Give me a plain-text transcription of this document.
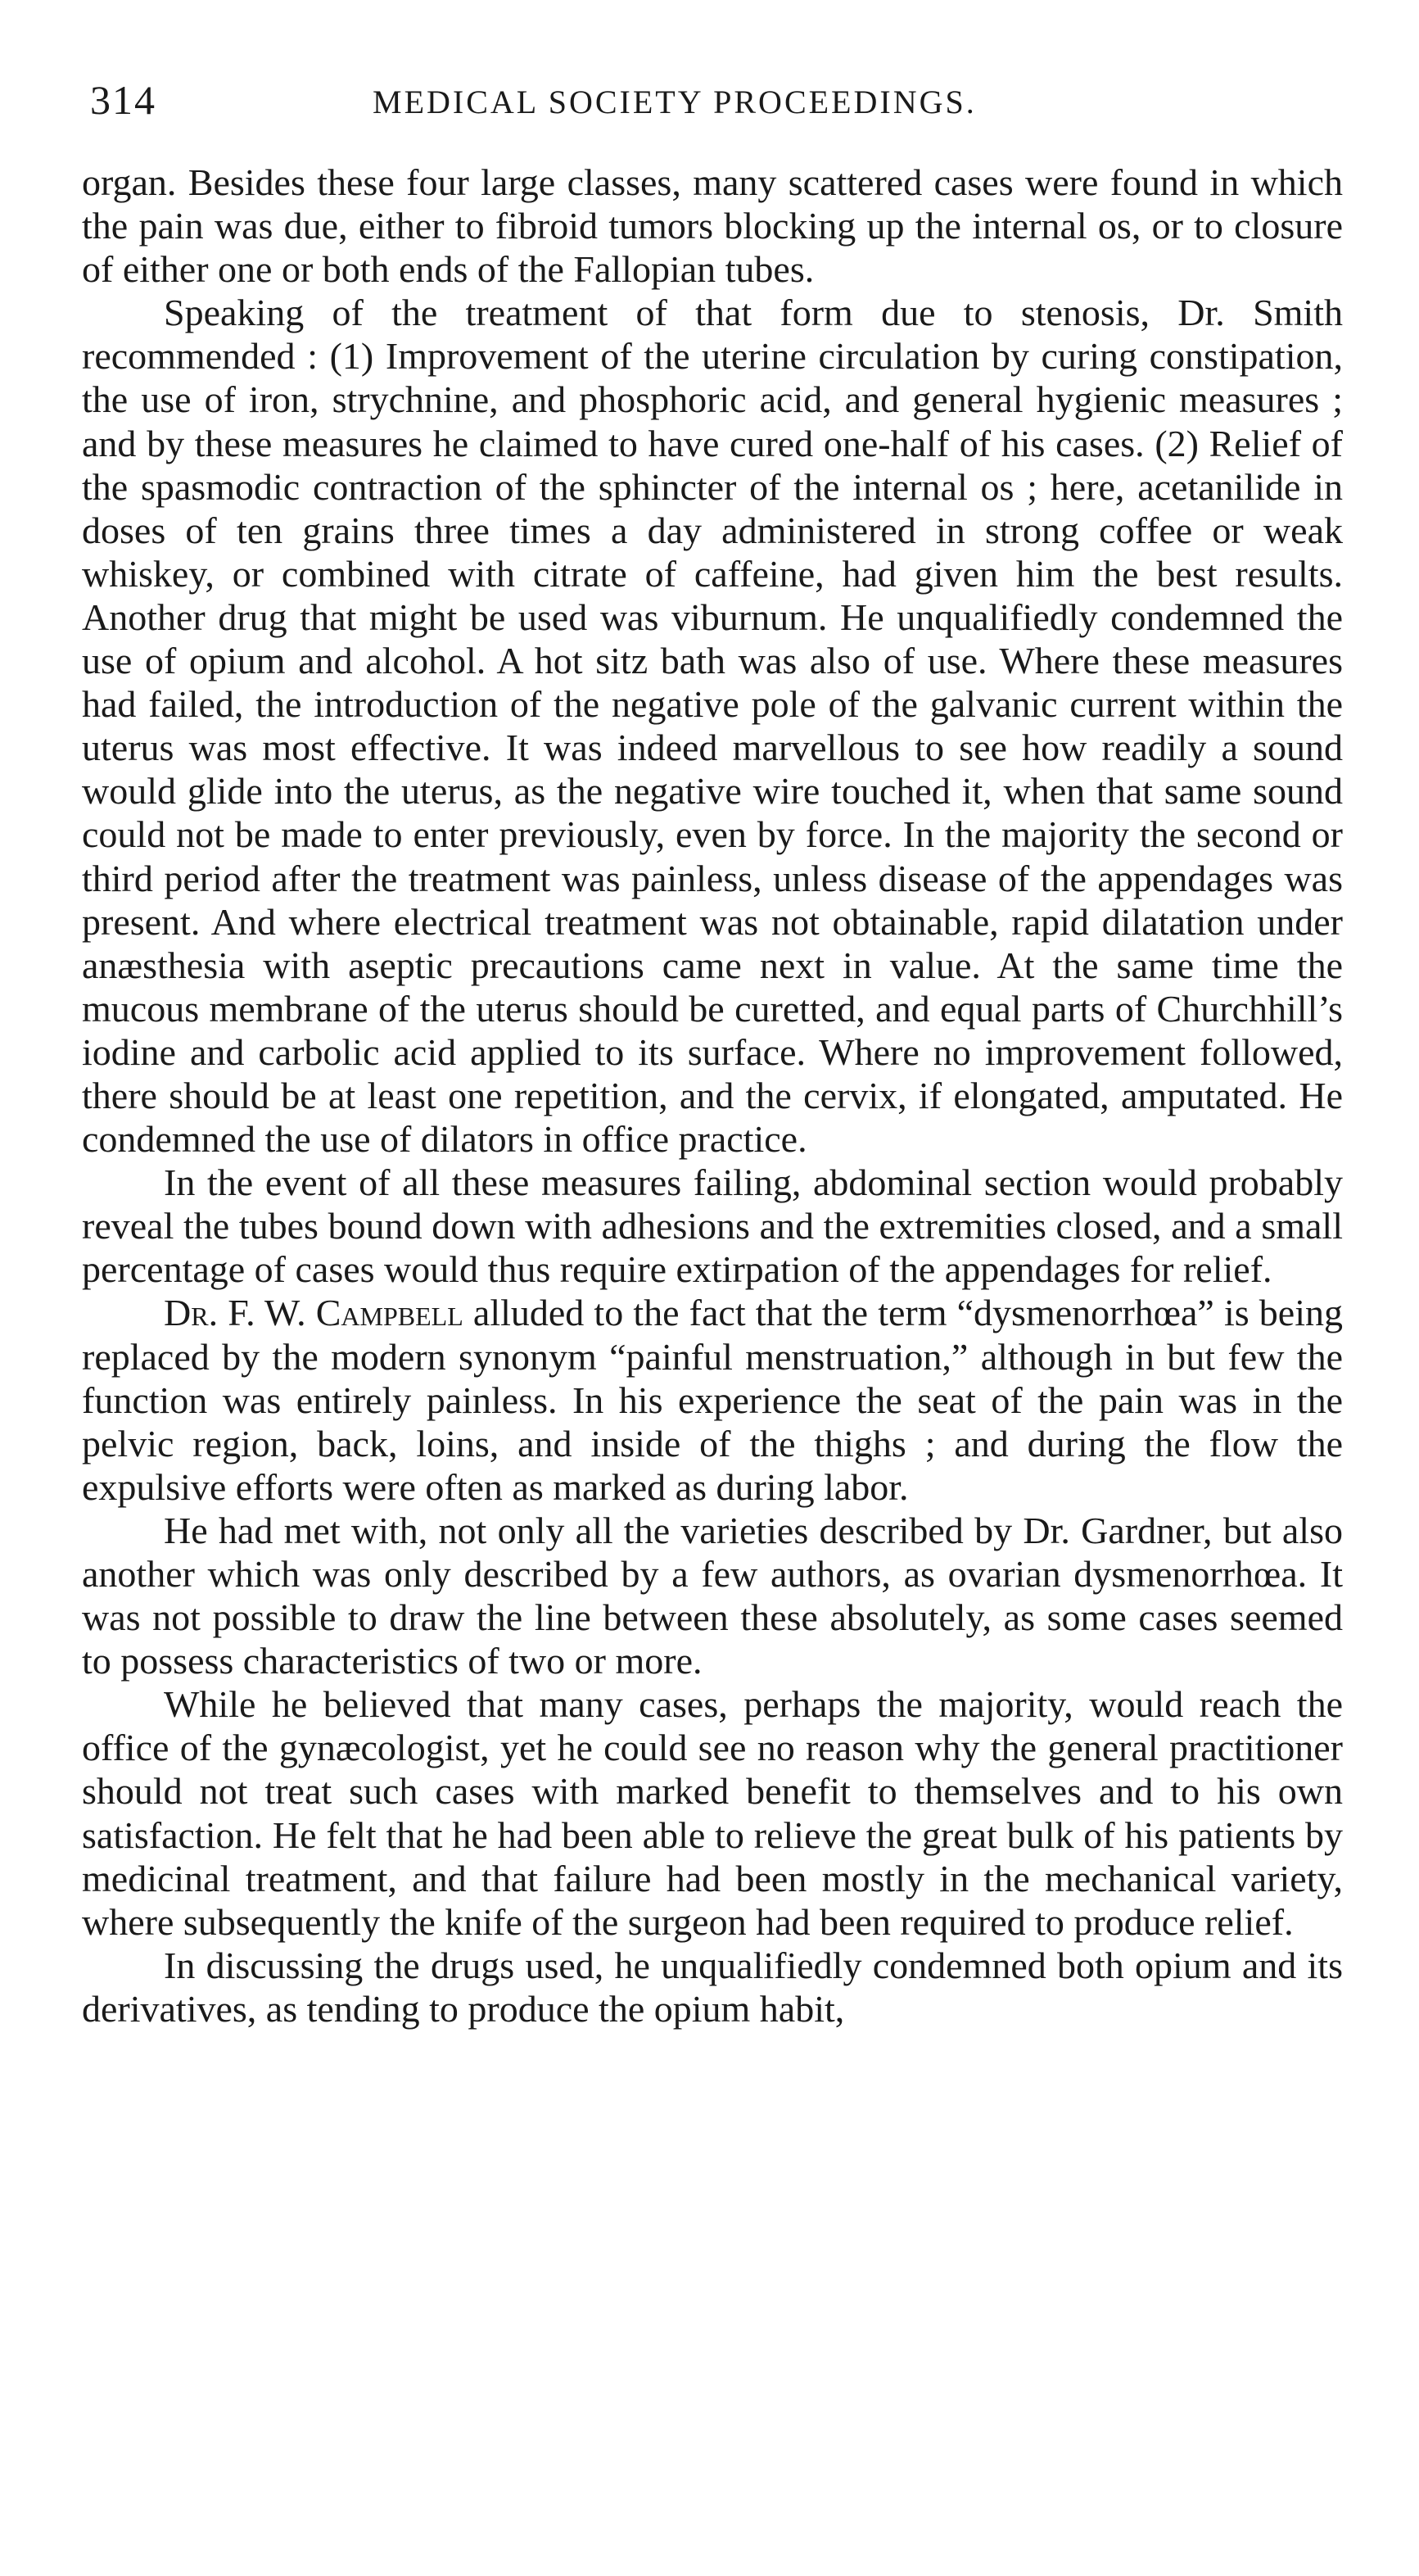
314	MEDICAL SOCIETY PROCEEDINGS.

organ. Besides these four large classes, many scattered cases were found in which the pain was due, either to fibroid tumors blocking up the internal os, or to closure of either one or both ends of the Fallopian tubes.

Speaking of the treatment of that form due to stenosis, Dr. Smith recommended : (1) Improvement of the uterine circulation by curing constipation, the use of iron, strychnine, and phosphoric acid, and general hygienic measures ; and by these measures he claimed to have cured one-half of his cases. (2) Relief of the spasmodic contraction of the sphincter of the internal os ; here, acetanilide in doses of ten grains three times a day administered in strong coffee or weak whiskey, or combined with citrate of caffeine, had given him the best results. Another drug that might be used was viburnum. He unqualifiedly condemned the use of opium and alcohol. A hot sitz bath was also of use. Where these measures had failed, the introduction of the negative pole of the galvanic current within the uterus was most effective. It was indeed marvellous to see how readily a sound would glide into the uterus, as the negative wire touched it, when that same sound could not be made to enter previously, even by force. In the majority the second or third period after the treatment was painless, unless disease of the appendages was present. And where electrical treatment was not obtainable, rapid dilatation under anæsthesia with aseptic precautions came next in value. At the same time the mucous membrane of the uterus should be curetted, and equal parts of Churchhill’s iodine and carbolic acid applied to its surface. Where no improvement followed, there should be at least one repetition, and the cervix, if elongated, amputated. He condemned the use of dilators in office practice.

In the event of all these measures failing, abdominal section would probably reveal the tubes bound down with adhesions and the extremities closed, and a small percentage of cases would thus require extirpation of the appendages for relief.

Dr. F. W. Campbell alluded to the fact that the term “dysmenorrhœa” is being replaced by the modern synonym “painful menstruation,” although in but few the function was entirely painless. In his experience the seat of the pain was in the pelvic region, back, loins, and inside of the thighs ; and during the flow the expulsive efforts were often as marked as during labor.

He had met with, not only all the varieties described by Dr. Gardner, but also another which was only described by a few authors, as ovarian dysmenorrhœa. It was not possible to draw the line between these absolutely, as some cases seemed to possess characteristics of two or more.

While he believed that many cases, perhaps the majority, would reach the office of the gynæcologist, yet he could see no reason why the general practitioner should not treat such cases with marked benefit to themselves and to his own satisfaction. He felt that he had been able to relieve the great bulk of his patients by medicinal treatment, and that failure had been mostly in the mechanical variety, where subsequently the knife of the surgeon had been required to produce relief.

In discussing the drugs used, he unqualifiedly condemned both opium and its derivatives, as tending to produce the opium habit,
